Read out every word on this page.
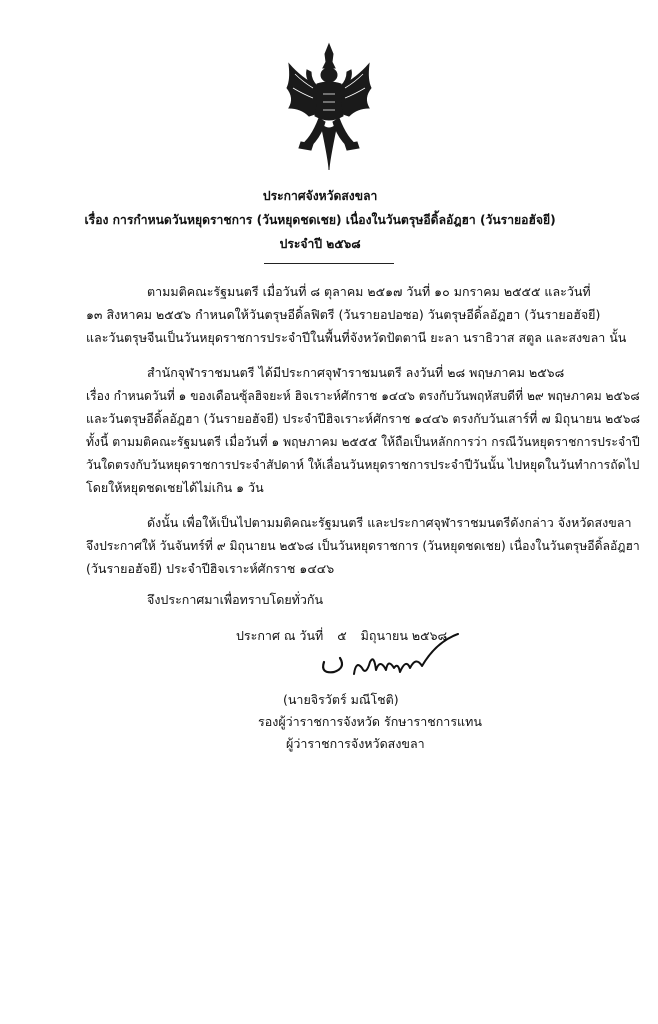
ประกาศจังหวัดสงขลา
เรื่อง การกำหนดวันหยุดราชการ (วันหยุดชดเชย) เนื่องในวันตรุษอีดิ้ลอัฎฮา (วันรายอฮัจยี)
ประจำปี ๒๕๖๘
ตามมติคณะรัฐมนตรี เมื่อวันที่ ๘ ตุลาคม ๒๕๑๗ วันที่ ๑๐ มกราคม ๒๕๕๕ และวันที่
๑๓ สิงหาคม ๒๕๕๖ กำหนดให้วันตรุษอีดิ้ลฟิตรี (วันรายอปอซอ) วันตรุษอีดิ้ลอัฎฮา (วันรายอฮัจยี)
และวันตรุษจีนเป็นวันหยุดราชการประจำปีในพื้นที่จังหวัดปัตตานี ยะลา นราธิวาส สตูล และสงขลา นั้น
สำนักจุฬาราชมนตรี ได้มีประกาศจุฬาราชมนตรี ลงวันที่ ๒๘ พฤษภาคม ๒๕๖๘
เรื่อง กำหนดวันที่ ๑ ของเดือนซุ้ลฮิจยะห์ ฮิจเราะห์ศักราช ๑๔๔๖ ตรงกับวันพฤหัสบดีที่ ๒๙ พฤษภาคม ๒๕๖๘
และวันตรุษอีดิ้ลอัฎฮา (วันรายอฮัจยี) ประจำปีฮิจเราะห์ศักราช ๑๔๔๖ ตรงกับวันเสาร์ที่ ๗ มิถุนายน ๒๕๖๘
ทั้งนี้ ตามมติคณะรัฐมนตรี เมื่อวันที่ ๑ พฤษภาคม ๒๕๕๕ ให้ถือเป็นหลักการว่า กรณีวันหยุดราชการประจำปี
วันใดตรงกับวันหยุดราชการประจำสัปดาห์ ให้เลื่อนวันหยุดราชการประจำปีวันนั้น ไปหยุดในวันทำการถัดไป
โดยให้หยุดชดเชยได้ไม่เกิน ๑ วัน
ดังนั้น เพื่อให้เป็นไปตามมติคณะรัฐมนตรี และประกาศจุฬาราชมนตรีดังกล่าว จังหวัดสงขลา
จึงประกาศให้ วันจันทร์ที่ ๙ มิถุนายน ๒๕๖๘ เป็นวันหยุดราชการ (วันหยุดชดเชย) เนื่องในวันตรุษอีดิ้ลอัฎฮา
(วันรายอฮัจยี) ประจำปีฮิจเราะห์ศักราช ๑๔๔๖
จึงประกาศมาเพื่อทราบโดยทั่วกัน
ประกาศ ณ วันที่ ๕ มิถุนายน ๒๕๖๘
(นายจิรวัตร์ มณีโชติ)
รองผู้ว่าราชการจังหวัด รักษาราชการแทน
ผู้ว่าราชการจังหวัดสงขลา
